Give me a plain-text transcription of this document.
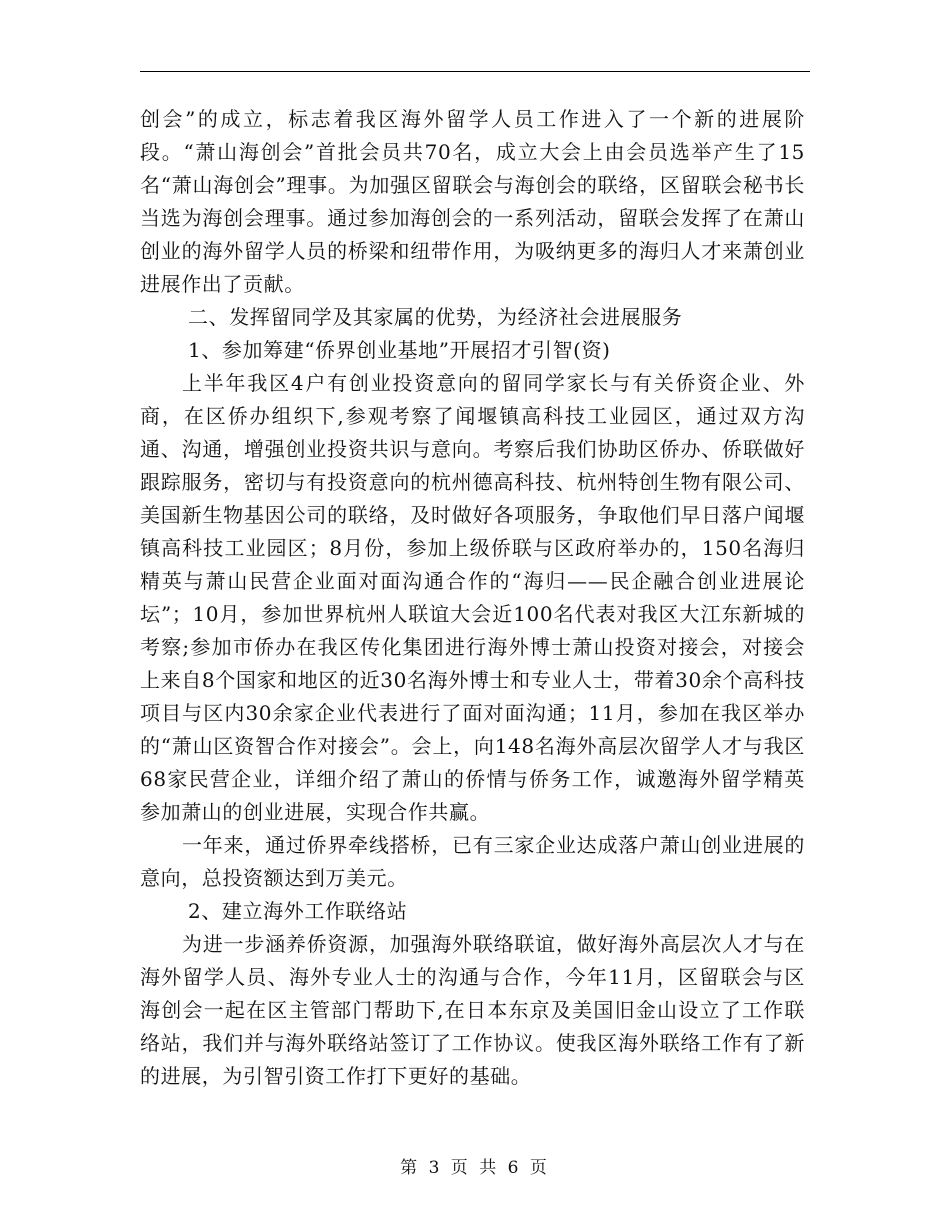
创会”的成立，标志着我区海外留学人员工作进入了一个新的进展阶段。“萧山海创会”首批会员共70名，成立大会上由会员选举产生了15名“萧山海创会”理事。为加强区留联会与海创会的联络，区留联会秘书长当选为海创会理事。通过参加海创会的一系列活动，留联会发挥了在萧山创业的海外留学人员的桥梁和纽带作用，为吸纳更多的海归人才来萧创业进展作出了贡献。

二、发挥留同学及其家属的优势，为经济社会进展服务

1、参加筹建“侨界创业基地”开展招才引智(资)

上半年我区4户有创业投资意向的留同学家长与有关侨资企业、外商，在区侨办组织下,参观考察了闻堰镇高科技工业园区，通过双方沟通、沟通，增强创业投资共识与意向。考察后我们协助区侨办、侨联做好跟踪服务，密切与有投资意向的杭州德高科技、杭州特创生物有限公司、美国新生物基因公司的联络，及时做好各项服务，争取他们早日落户闻堰镇高科技工业园区；8月份，参加上级侨联与区政府举办的，150名海归精英与萧山民营企业面对面沟通合作的“海归——民企融合创业进展论坛”；10月，参加世界杭州人联谊大会近100名代表对我区大江东新城的考察;参加市侨办在我区传化集团进行海外博士萧山投资对接会，对接会上来自8个国家和地区的近30名海外博士和专业人士，带着30余个高科技项目与区内30余家企业代表进行了面对面沟通；11月，参加在我区举办的“萧山区资智合作对接会”。会上，向148名海外高层次留学人才与我区68家民营企业，详细介绍了萧山的侨情与侨务工作，诚邀海外留学精英参加萧山的创业进展，实现合作共赢。

一年来，通过侨界牵线搭桥，已有三家企业达成落户萧山创业进展的意向，总投资额达到万美元。

2、建立海外工作联络站

为进一步涵养侨资源，加强海外联络联谊，做好海外高层次人才与在海外留学人员、海外专业人士的沟通与合作，今年11月，区留联会与区海创会一起在区主管部门帮助下,在日本东京及美国旧金山设立了工作联络站，我们并与海外联络站签订了工作协议。使我区海外联络工作有了新的进展，为引智引资工作打下更好的基础。

第 3 页 共 6 页
